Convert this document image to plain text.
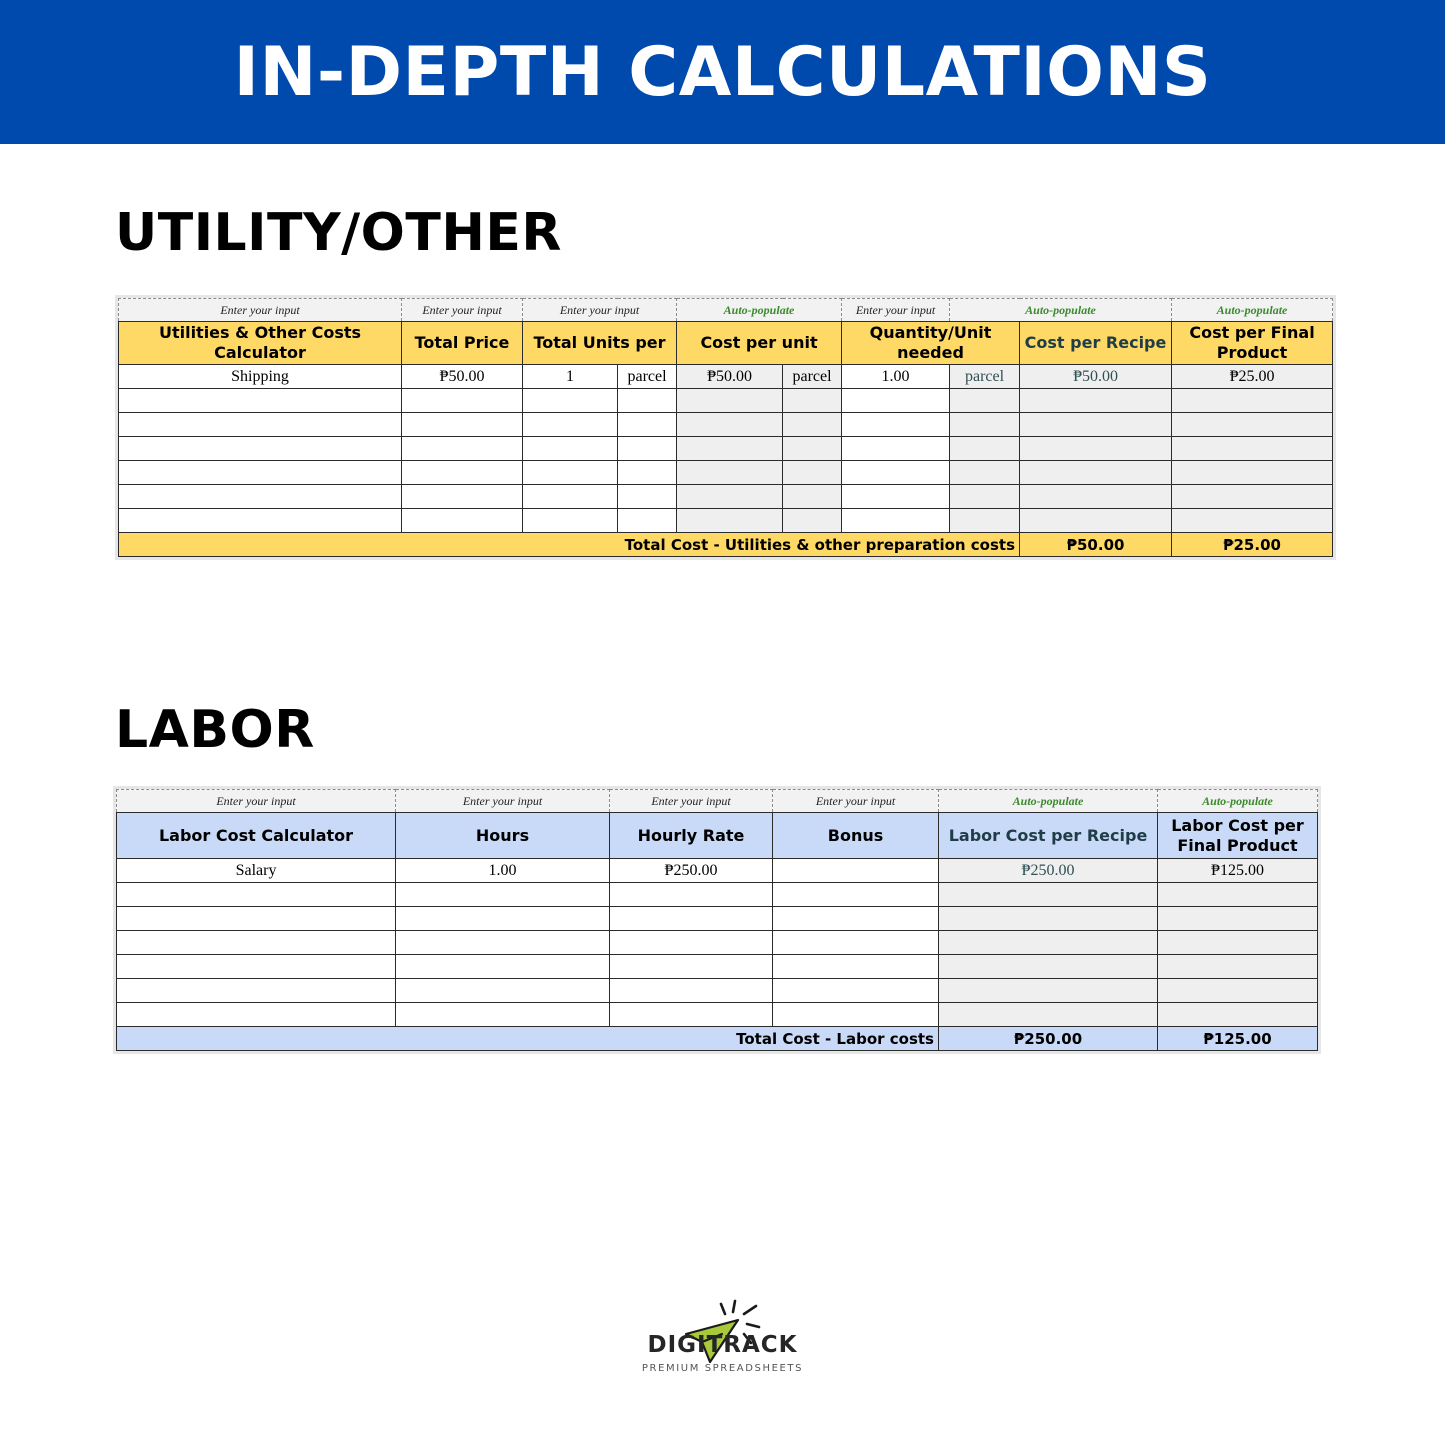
IN-DEPTH CALCULATIONS
UTILITY/OTHER
Enter your input	Enter your input	Enter your input		Auto-populate		Enter your input	Auto-populate		Auto-populate
Utilities & Other Costs Calculator	Total Price	Total Units per		Cost per unit		Quantity/Unit needed		Cost per Recipe	Cost per Final Product
Shipping	₱50.00	1	parcel	₱50.00	parcel	1.00	parcel	₱50.00	₱25.00

Total Cost - Utilities & other preparation costs								₱50.00	₱25.00
LABOR
Enter your input	Enter your input	Enter your input	Enter your input	Auto-populate	Auto-populate
Labor Cost Calculator	Hours	Hourly Rate	Bonus	Labor Cost per Recipe	Labor Cost per Final Product
Salary	1.00	₱250.00		₱250.00	₱125.00

Total Cost - Labor costs				₱250.00	₱125.00
DIGITRACK
PREMIUM SPREADSHEETS
